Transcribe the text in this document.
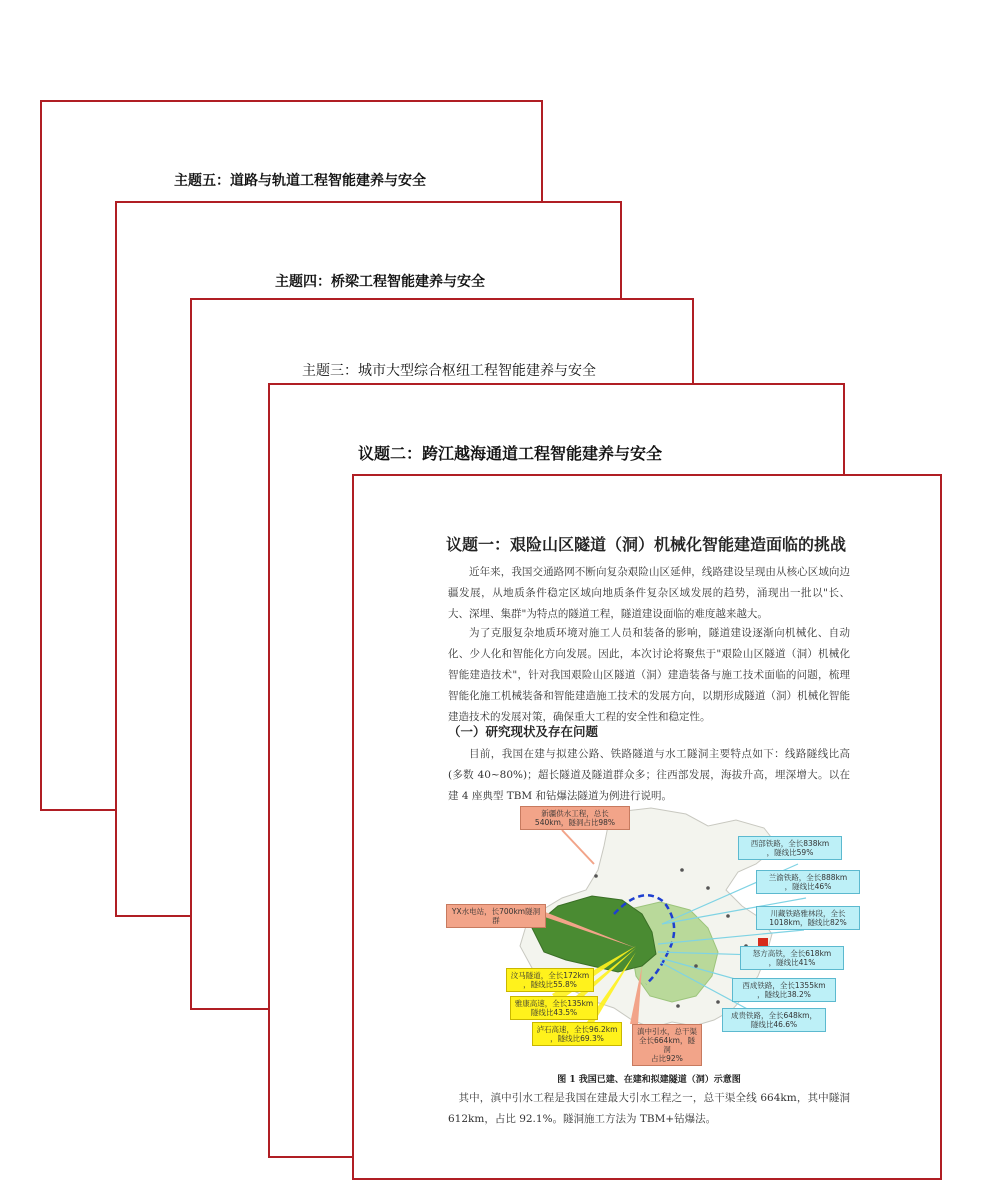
主题五：道路与轨道工程智能建养与安全
主题四：桥梁工程智能建养与安全
主题三：城市大型综合枢纽工程智能建养与安全
议题二：跨江越海通道工程智能建养与安全
议题一：艰险山区隧道（洞）机械化智能建造面临的挑战
近年来，我国交通路网不断向复杂艰险山区延伸，线路建设呈现由从核心区域向边疆发展，从地质条件稳定区域向地质条件复杂区域发展的趋势，涌现出一批以"长、大、深埋、集群"为特点的隧道工程，隧道建设面临的难度越来越大。
为了克服复杂地质环境对施工人员和装备的影响，隧道建设逐渐向机械化、自动化、少人化和智能化方向发展。因此，本次讨论将聚焦于"艰险山区隧道（洞）机械化智能建造技术"，针对我国艰险山区隧道（洞）建造装备与施工技术面临的问题，梳理智能化施工机械装备和智能建造施工技术的发展方向，以期形成隧道（洞）机械化智能建造技术的发展对策，确保重大工程的安全性和稳定性。
（一）研究现状及存在问题
目前，我国在建与拟建公路、铁路隧道与水工隧洞主要特点如下：线路隧线比高(多数 40~80%)；超长隧道及隧道群众多；往西部发展，海拔升高，埋深增大。以在建 4 座典型 TBM 和钻爆法隧道为例进行说明。
新疆供水工程，总长
540km，隧洞占比98%
YX水电站，长700km隧洞群
西部铁路，全长838km
，隧线比59%
兰渝铁路，全长888km
，隧线比46%
川藏铁路雅林段，全长
1018km，隧线比82%
怒方高铁，全长618km
，隧线比41%
西成铁路，全长1355km
，隧线比38.2%
成贵铁路，全长648km，
隧线比46.6%
汶马隧道，全长172km
，隧线比55.8%
雅康高速，全长135km
隧线比43.5%
泸石高速，全长96.2km
，隧线比69.3%
滇中引水，总干渠
全长664km，隧洞
占比92%
图 1 我国已建、在建和拟建隧道（洞）示意图
其中，滇中引水工程是我国在建最大引水工程之一，总干渠全线 664km，其中隧洞 612km，占比 92.1%。隧洞施工方法为 TBM+钻爆法。
